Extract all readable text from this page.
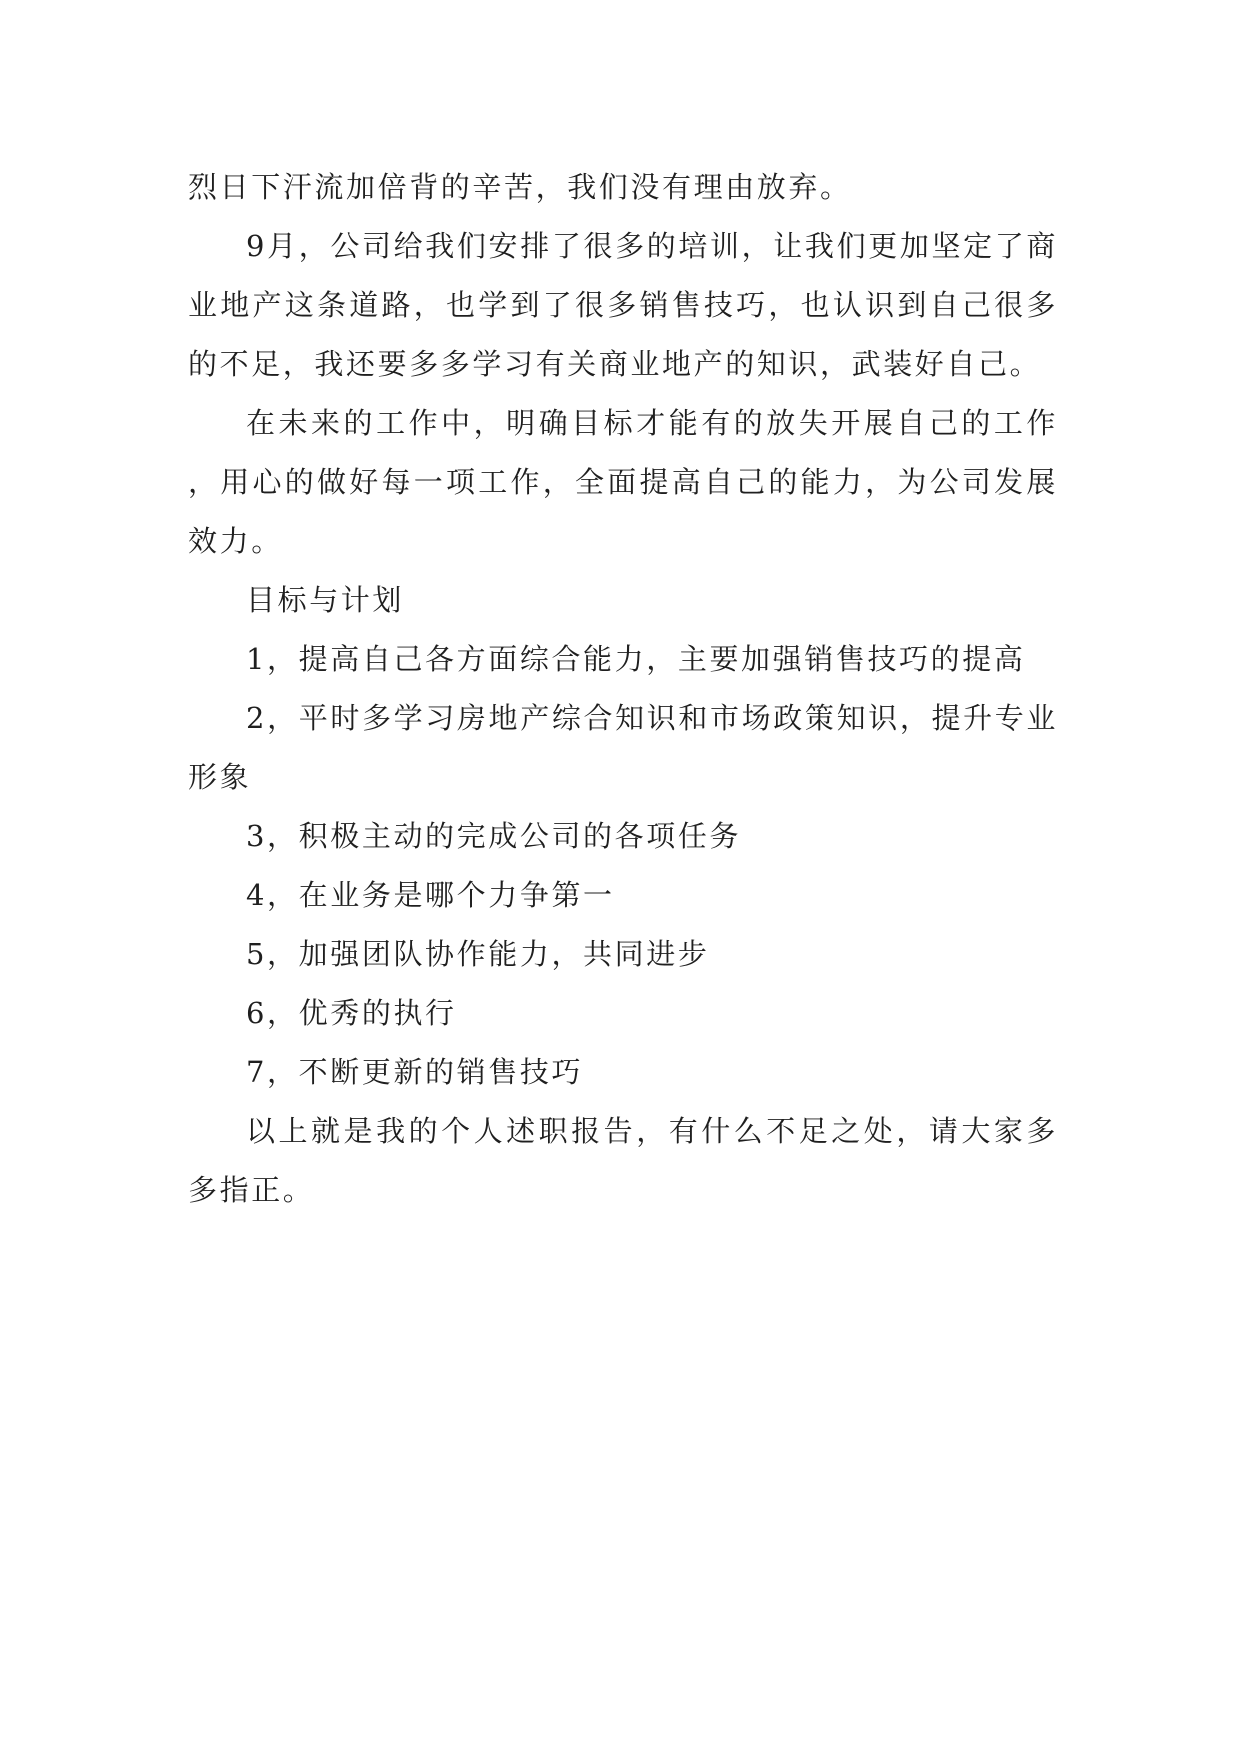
烈日下汗流加倍背的辛苦，我们没有理由放弃。

9月，公司给我们安排了很多的培训，让我们更加坚定了商业地产这条道路，也学到了很多销售技巧，也认识到自己很多的不足，我还要多多学习有关商业地产的知识，武装好自己。

在未来的工作中，明确目标才能有的放失开展自己的工作，用心的做好每一项工作，全面提高自己的能力，为公司发展效力。

目标与计划

1，提高自己各方面综合能力，主要加强销售技巧的提高

2，平时多学习房地产综合知识和市场政策知识，提升专业形象

3，积极主动的完成公司的各项任务

4，在业务是哪个力争第一

5，加强团队协作能力，共同进步

6，优秀的执行

7，不断更新的销售技巧

以上就是我的个人述职报告，有什么不足之处，请大家多多指正。
